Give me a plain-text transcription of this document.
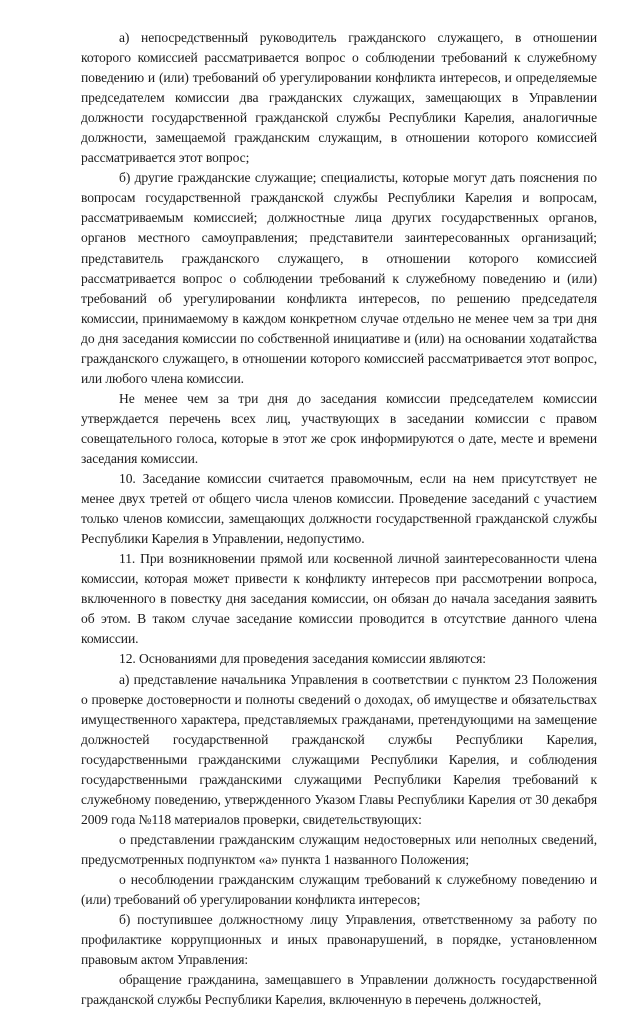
а) непосредственный руководитель гражданского служащего, в отношении которого комиссией рассматривается вопрос о соблюдении требований к служебному поведению и (или) требований об урегулировании конфликта интересов, и определяемые председателем комиссии два гражданских служащих, замещающих в Управлении должности государственной гражданской службы Республики Карелия, аналогичные должности, замещаемой гражданским служащим, в отношении которого комиссией рассматривается этот вопрос;

б) другие гражданские служащие; специалисты, которые могут дать пояснения по вопросам государственной гражданской службы Республики Карелия и вопросам, рассматриваемым комиссией; должностные лица других государственных органов, органов местного самоуправления; представители заинтересованных организаций; представитель гражданского служащего, в отношении которого комиссией рассматривается вопрос о соблюдении требований к служебному поведению и (или) требований об урегулировании конфликта интересов, по решению председателя комиссии, принимаемому в каждом конкретном случае отдельно не менее чем за три дня до дня заседания комиссии по собственной инициативе и (или) на основании ходатайства гражданского служащего, в отношении которого комиссией рассматривается этот вопрос, или любого члена комиссии.

Не менее чем за три дня до заседания комиссии председателем комиссии утверждается перечень всех лиц, участвующих в заседании комиссии с правом совещательного голоса, которые в этот же срок информируются о дате, месте и времени заседания комиссии.

10. Заседание комиссии считается правомочным, если на нем присутствует не менее двух третей от общего числа членов комиссии. Проведение заседаний с участием только членов комиссии, замещающих должности государственной гражданской службы Республики Карелия в Управлении, недопустимо.

11. При возникновении прямой или косвенной личной заинтересованности члена комиссии, которая может привести к конфликту интересов при рассмотрении вопроса, включенного в повестку дня заседания комиссии, он обязан до начала заседания заявить об этом. В таком случае заседание комиссии проводится в отсутствие данного члена комиссии.

12. Основаниями для проведения заседания комиссии являются:

а) представление начальника Управления в соответствии с пунктом 23 Положения о проверке достоверности и полноты сведений о доходах, об имуществе и обязательствах имущественного характера, представляемых гражданами, претендующими на замещение должностей государственной гражданской службы Республики Карелия, государственными гражданскими служащими Республики Карелия, и соблюдения государственными гражданскими служащими Республики Карелия требований к служебному поведению, утвержденного Указом Главы Республики Карелия от 30 декабря 2009 года №118 материалов проверки, свидетельствующих:

о представлении гражданским служащим недостоверных или неполных сведений, предусмотренных подпунктом «а» пункта 1 названного Положения;

о несоблюдении гражданским служащим требований к служебному поведению и (или) требований об урегулировании конфликта интересов;

б) поступившее должностному лицу Управления, ответственному за работу по профилактике коррупционных и иных правонарушений, в порядке, установленном правовым актом Управления:

обращение гражданина, замещавшего в Управлении должность государственной гражданской службы Республики Карелия, включенную в перечень должностей,
